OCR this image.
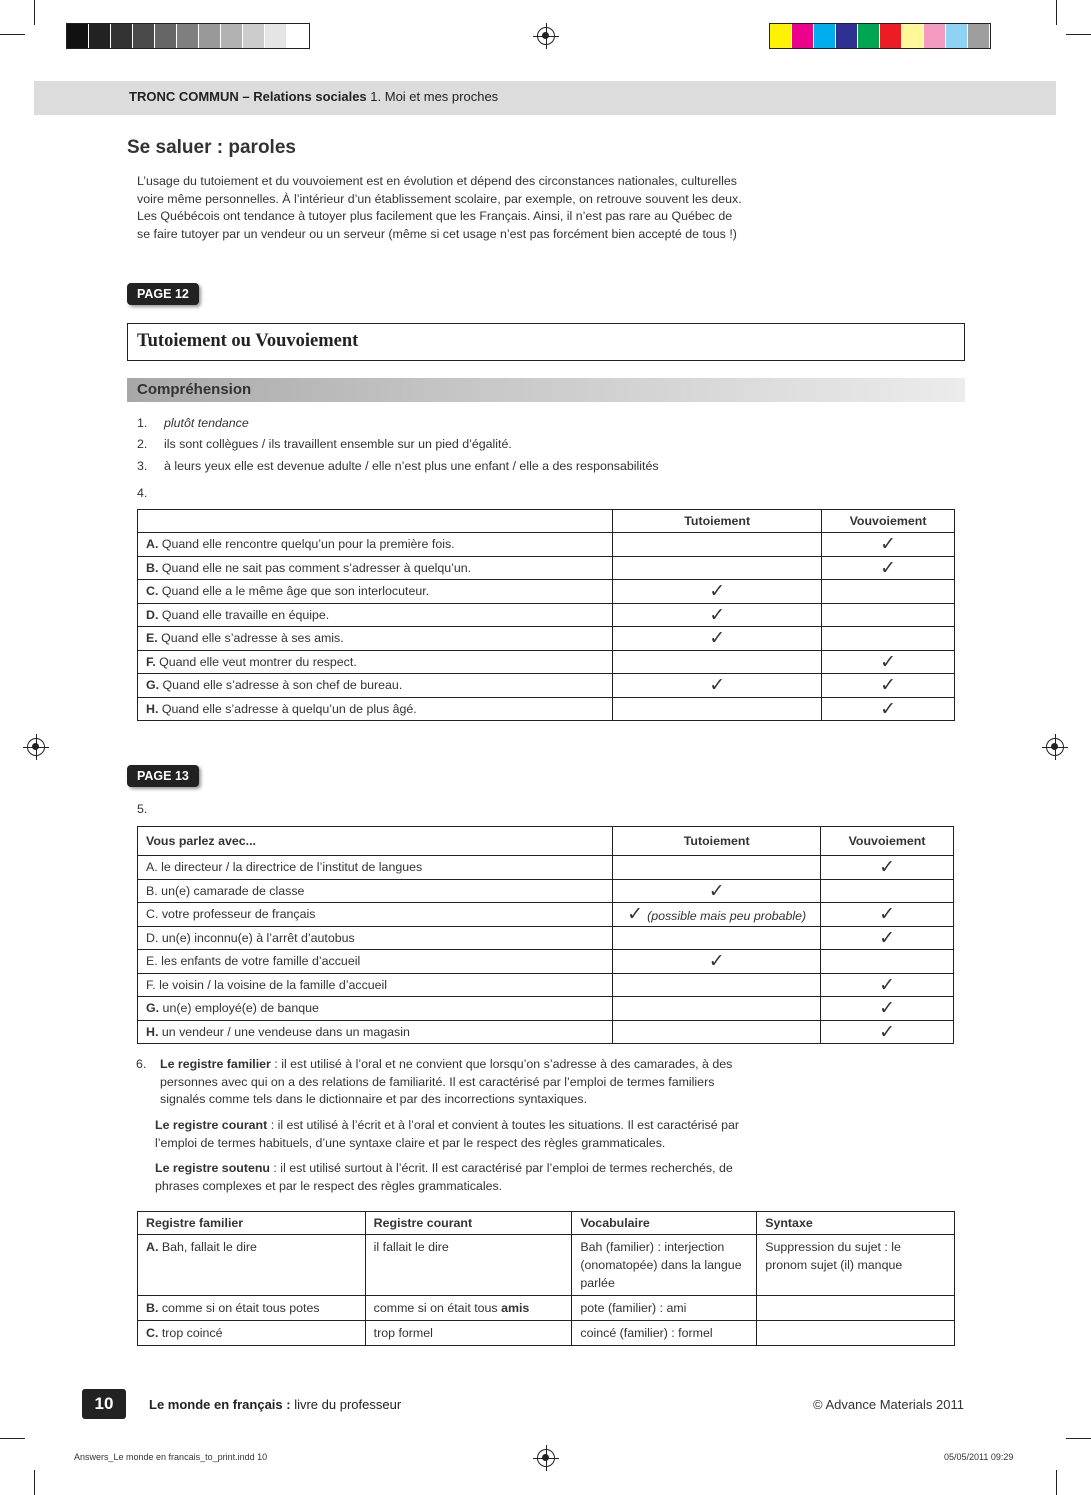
TRONC COMMUN – Relations sociales 1. Moi et mes proches
Se saluer : paroles
L’usage du tutoiement et du vouvoiement est en évolution et dépend des circonstances nationales, culturelles
voire même personnelles. À l’intérieur d’un établissement scolaire, par exemple, on retrouve souvent les deux.
Les Québécois ont tendance à tutoyer plus facilement que les Français. Ainsi, il n’est pas rare au Québec de
se faire tutoyer par un vendeur ou un serveur (même si cet usage n’est pas forcément bien accepté de tous !)
PAGE 12
Tutoiement ou Vouvoiement
Compréhension
1. plutôt tendance
2. ils sont collègues / ils travaillent ensemble sur un pied d’égalité.
3. à leurs yeux elle est devenue adulte / elle n’est plus une enfant / elle a des responsabilités
4.
	Tutoiement	Vouvoiement
A. Quand elle rencontre quelqu’un pour la première fois.		✓
B. Quand elle ne sait pas comment s’adresser à quelqu’un.		✓
C. Quand elle a le même âge que son interlocuteur.	✓	
D. Quand elle travaille en équipe.	✓	
E. Quand elle s’adresse à ses amis.	✓	
F. Quand elle veut montrer du respect.		✓
G. Quand elle s’adresse à son chef de bureau.	✓	✓
H. Quand elle s’adresse à quelqu’un de plus âgé.		✓
PAGE 13
5.
Vous parlez avec...	Tutoiement	Vouvoiement
A. le directeur / la directrice de l’institut de langues		✓
B. un(e) camarade de classe	✓	
C. votre professeur de français	✓ (possible mais peu probable)	✓
D. un(e) inconnu(e) à l’arrêt d’autobus		✓
E. les enfants de votre famille d’accueil	✓	
F. le voisin / la voisine de la famille d’accueil		✓
G. un(e) employé(e) de banque		✓
H. un vendeur / une vendeuse dans un magasin		✓
6. Le registre familier : il est utilisé à l’oral et ne convient que lorsqu’on s’adresse à des camarades, à des
personnes avec qui on a des relations de familiarité. Il est caractérisé par l’emploi de termes familiers
signalés comme tels dans le dictionnaire et par des incorrections syntaxiques.
Le registre courant : il est utilisé à l’écrit et à l’oral et convient à toutes les situations. Il est caractérisé par
l’emploi de termes habituels, d’une syntaxe claire et par le respect des règles grammaticales.
Le registre soutenu : il est utilisé surtout à l’écrit. Il est caractérisé par l’emploi de termes recherchés, de
phrases complexes et par le respect des règles grammaticales.
Registre familier	Registre courant	Vocabulaire	Syntaxe
A. Bah, fallait le dire	il fallait le dire	Bah (familier) : interjection (onomatopée) dans la langue parlée	Suppression du sujet : le pronom sujet (il) manque
B. comme si on était tous potes	comme si on était tous amis	pote (familier) : ami	
C. trop coincé	trop formel	coincé (familier) : formel	
10	Le monde en français : livre du professeur	© Advance Materials 2011
Answers_Le monde en francais_to_print.indd 10	05/05/2011 09:29
